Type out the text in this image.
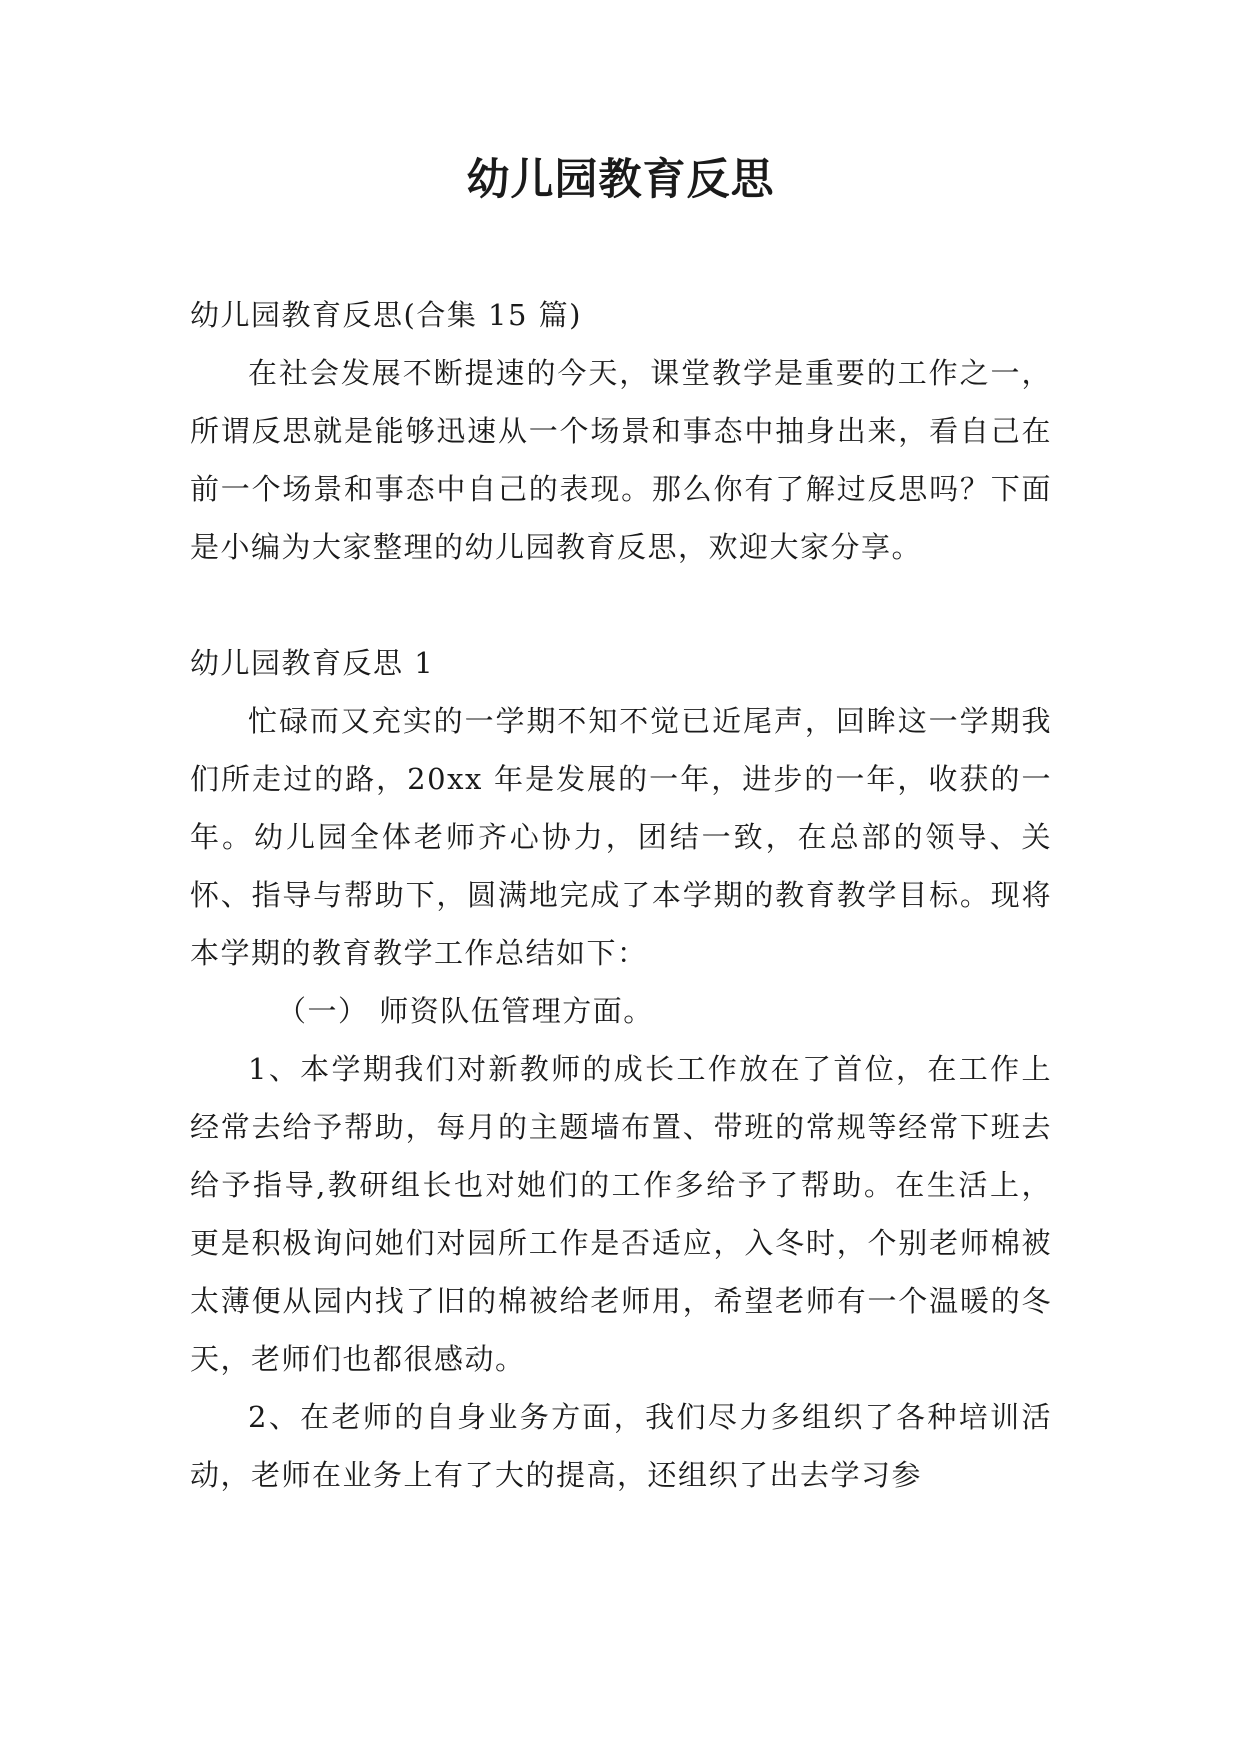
幼儿园教育反思

幼儿园教育反思(合集 15 篇)

在社会发展不断提速的今天，课堂教学是重要的工作之一，所谓反思就是能够迅速从一个场景和事态中抽身出来，看自己在前一个场景和事态中自己的表现。那么你有了解过反思吗？下面是小编为大家整理的幼儿园教育反思，欢迎大家分享。

幼儿园教育反思 1

忙碌而又充实的一学期不知不觉已近尾声，回眸这一学期我们所走过的路，20xx 年是发展的一年，进步的一年，收获的一年。幼儿园全体老师齐心协力，团结一致，在总部的领导、关怀、指导与帮助下，圆满地完成了本学期的教育教学目标。现将本学期的教育教学工作总结如下：

（一） 师资队伍管理方面。

1、本学期我们对新教师的成长工作放在了首位，在工作上经常去给予帮助，每月的主题墙布置、带班的常规等经常下班去给予指导,教研组长也对她们的工作多给予了帮助。在生活上，更是积极询问她们对园所工作是否适应，入冬时，个别老师棉被太薄便从园内找了旧的棉被给老师用，希望老师有一个温暖的冬天，老师们也都很感动。

2、在老师的自身业务方面，我们尽力多组织了各种培训活动，老师在业务上有了大的提高，还组织了出去学习参
